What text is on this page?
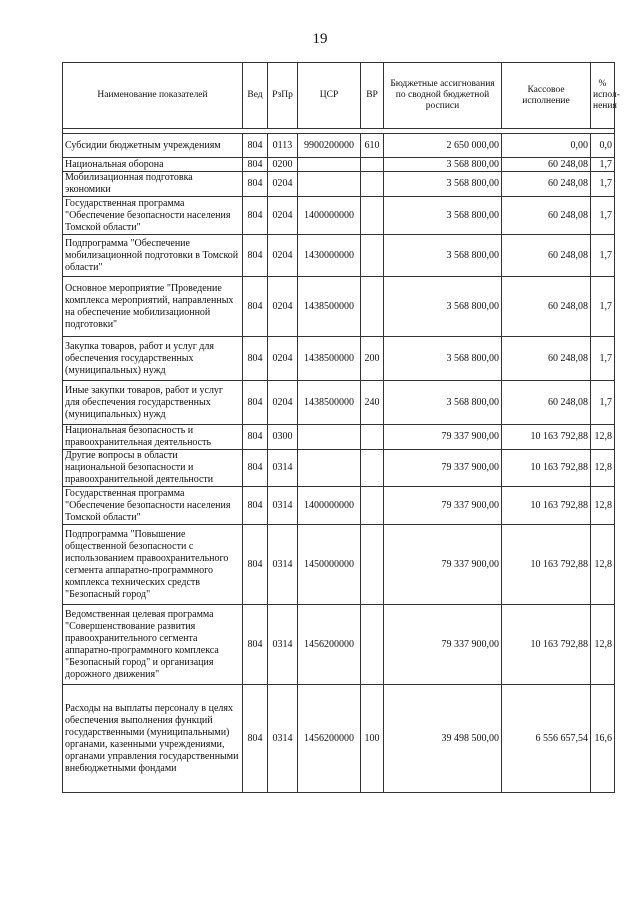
19
Наименование показателей	Вед	РзПр	ЦСР	ВР	Бюджетные ассигнования по сводной бюджетной росписи	Кассовое исполнение	% испол-нения

Субсидии бюджетным учреждениям	804	0113	9900200000	610	2 650 000,00	0,00	0,0
Национальная оборона	804	0200			3 568 800,00	60 248,08	1,7
Мобилизационная подготовка экономики	804	0204			3 568 800,00	60 248,08	1,7
Государственная программа "Обеспечение безопасности населения Томской области"	804	0204	1400000000		3 568 800,00	60 248,08	1,7
Подпрограмма "Обеспечение мобилизационной подготовки в Томской области"	804	0204	1430000000		3 568 800,00	60 248,08	1,7
Основное мероприятие "Проведение комплекса мероприятий, направленных на обеспечение мобилизационной подготовки"	804	0204	1438500000		3 568 800,00	60 248,08	1,7
Закупка товаров, работ и услуг для обеспечения государственных (муниципальных) нужд	804	0204	1438500000	200	3 568 800,00	60 248,08	1,7
Иные закупки товаров, работ и услуг для обеспечения государственных (муниципальных) нужд	804	0204	1438500000	240	3 568 800,00	60 248,08	1,7
Национальная безопасность и правоохранительная деятельность	804	0300			79 337 900,00	10 163 792,88	12,8
Другие вопросы в области национальной безопасности и правоохранительной деятельности	804	0314			79 337 900,00	10 163 792,88	12,8
Государственная программа "Обеспечение безопасности населения Томской области"	804	0314	1400000000		79 337 900,00	10 163 792,88	12,8
Подпрограмма "Повышение общественной безопасности с использованием правоохранительного сегмента аппаратно-программного комплекса технических средств "Безопасный город"	804	0314	1450000000		79 337 900,00	10 163 792,88	12,8
Ведомственная целевая программа "Совершенствование развития правоохранительного сегмента аппаратно-программного комплекса "Безопасный город" и организация дорожного движения"	804	0314	1456200000		79 337 900,00	10 163 792,88	12,8
Расходы на выплаты персоналу в целях обеспечения выполнения функций государственными (муниципальными) органами, казенными учреждениями, органами управления государственными внебюджетными фондами	804	0314	1456200000	100	39 498 500,00	6 556 657,54	16,6
